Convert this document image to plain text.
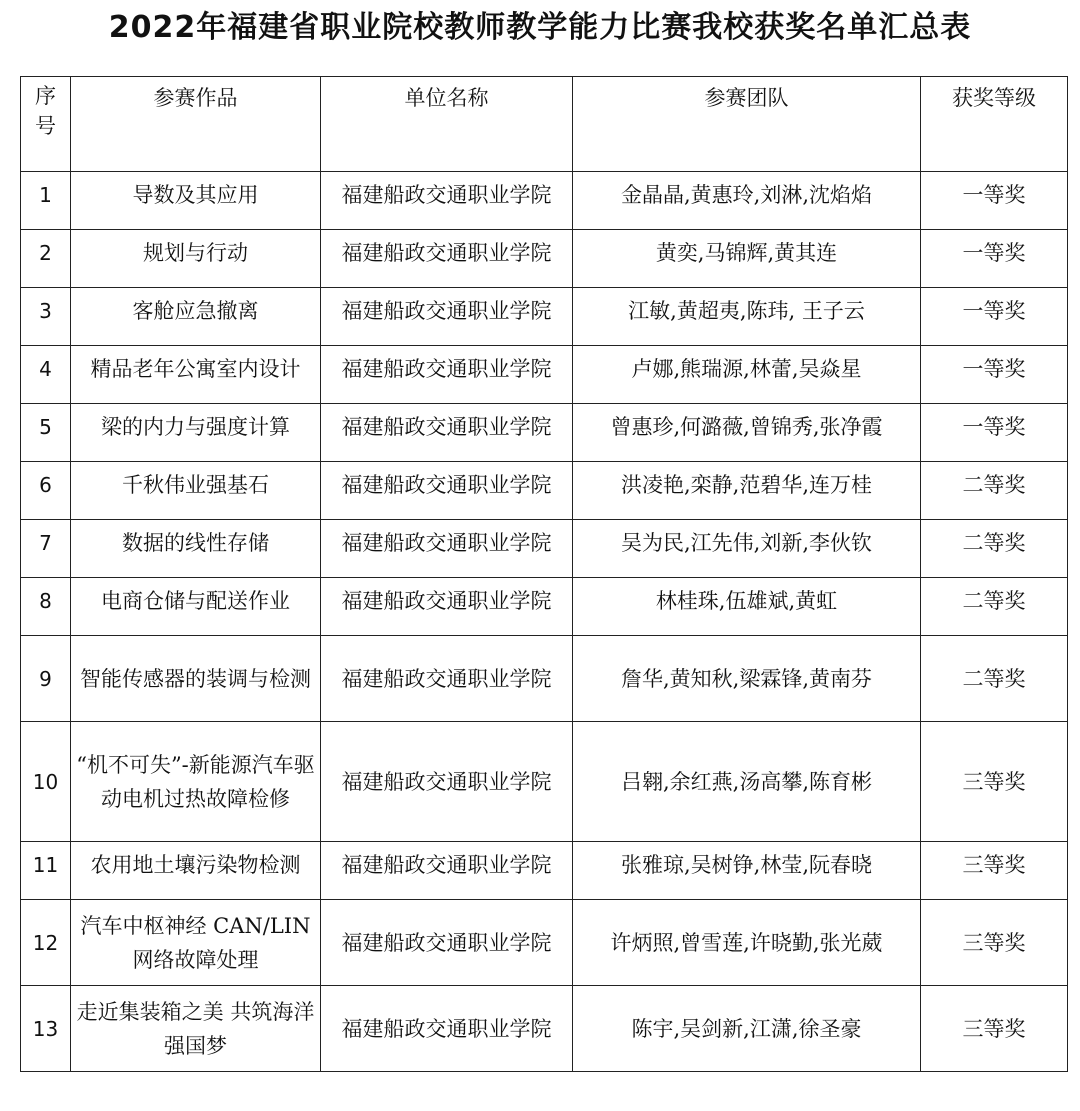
2022年福建省职业院校教师教学能力比赛我校获奖名单汇总表
序号	参赛作品	单位名称	参赛团队	获奖等级
1	导数及其应用	福建船政交通职业学院	金晶晶,黄惠玲,刘淋,沈焰焰	一等奖
2	规划与行动	福建船政交通职业学院	黄奕,马锦辉,黄其连	一等奖
3	客舱应急撤离	福建船政交通职业学院	江敏,黄超夷,陈玮, 王子云	一等奖
4	精品老年公寓室内设计	福建船政交通职业学院	卢娜,熊瑞源,林蕾,吴焱星	一等奖
5	梁的内力与强度计算	福建船政交通职业学院	曾惠珍,何潞薇,曾锦秀,张净霞	一等奖
6	千秋伟业强基石	福建船政交通职业学院	洪凌艳,栾静,范碧华,连万桂	二等奖
7	数据的线性存储	福建船政交通职业学院	吴为民,江先伟,刘新,李伙钦	二等奖
8	电商仓储与配送作业	福建船政交通职业学院	林桂珠,伍雄斌,黄虹	二等奖
9	智能传感器的装调与检测	福建船政交通职业学院	詹华,黄知秋,梁霖锋,黄南芬	二等奖
10	“机不可失”-新能源汽车驱动电机过热故障检修	福建船政交通职业学院	吕翱,余红燕,汤高攀,陈育彬	三等奖
11	农用地土壤污染物检测	福建船政交通职业学院	张雅琼,吴树铮,林莹,阮春晓	三等奖
12	汽车中枢神经 CAN/LIN 网络故障处理	福建船政交通职业学院	许炳照,曾雪莲,许晓勤,张光葳	三等奖
13	走近集装箱之美 共筑海洋强国梦	福建船政交通职业学院	陈宇,吴剑新,江潇,徐圣豪	三等奖
